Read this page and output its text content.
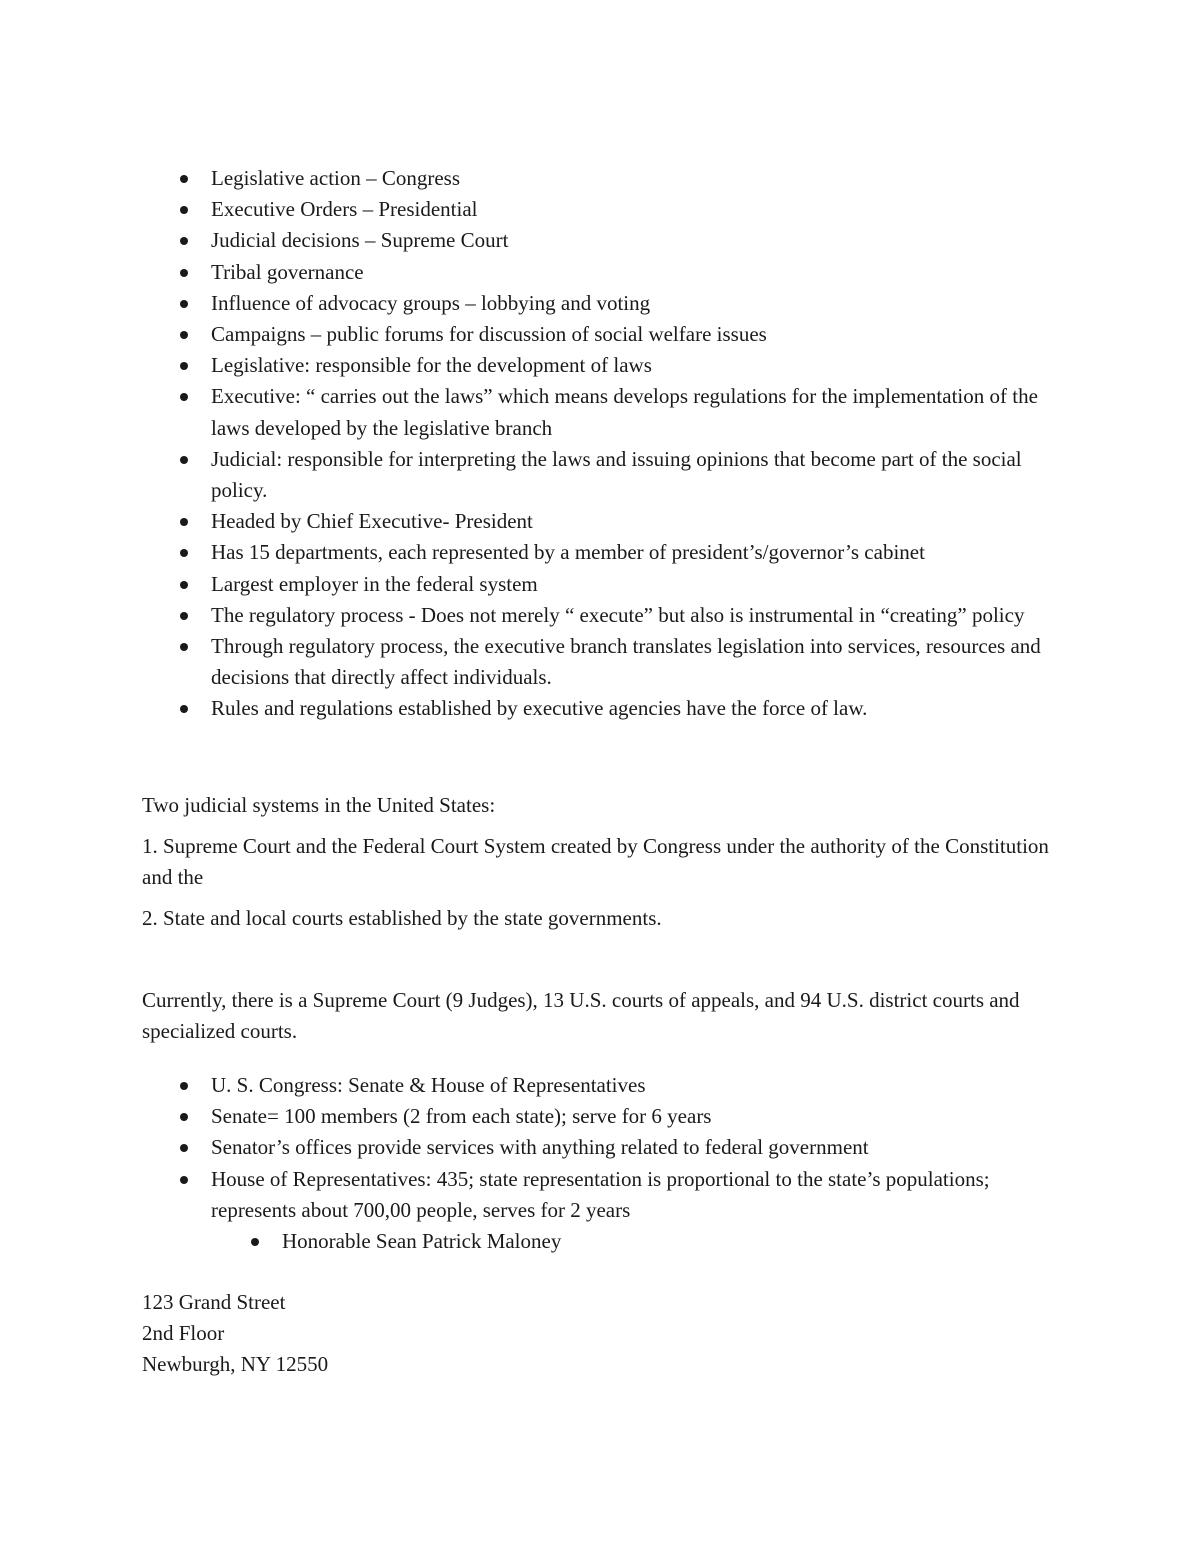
Legislative action – Congress
Executive Orders – Presidential
Judicial decisions – Supreme Court
Tribal governance
Influence of advocacy groups – lobbying and voting
Campaigns – public forums for discussion of social welfare issues
Legislative: responsible for the development of laws
Executive: “ carries out the laws” which means develops regulations for the implementation of the laws developed by the legislative branch
Judicial: responsible for interpreting the laws and issuing opinions that become part of the social policy.
Headed by Chief Executive- President
Has 15 departments, each represented by a member of president’s/governor’s cabinet
Largest employer in the federal system
The regulatory process - Does not merely “ execute” but also is instrumental in “creating” policy
Through regulatory process, the executive branch translates legislation into services, resources and decisions that directly affect individuals.
Rules and regulations established by executive agencies have the force of law.

Two judicial systems in the United States:

1. Supreme Court and the Federal Court System created by Congress under the authority of the Constitution and the

2. State and local courts established by the state governments.

Currently, there is a Supreme Court (9 Judges), 13 U.S. courts of appeals, and 94 U.S. district courts and specialized courts.

U. S. Congress: Senate & House of Representatives
Senate= 100 members (2 from each state); serve for 6 years
Senator’s offices provide services with anything related to federal government
House of Representatives: 435; state representation is proportional to the state’s populations; represents about 700,00 people, serves for 2 years
Honorable Sean Patrick Maloney

123 Grand Street
2nd Floor
Newburgh, NY 12550
